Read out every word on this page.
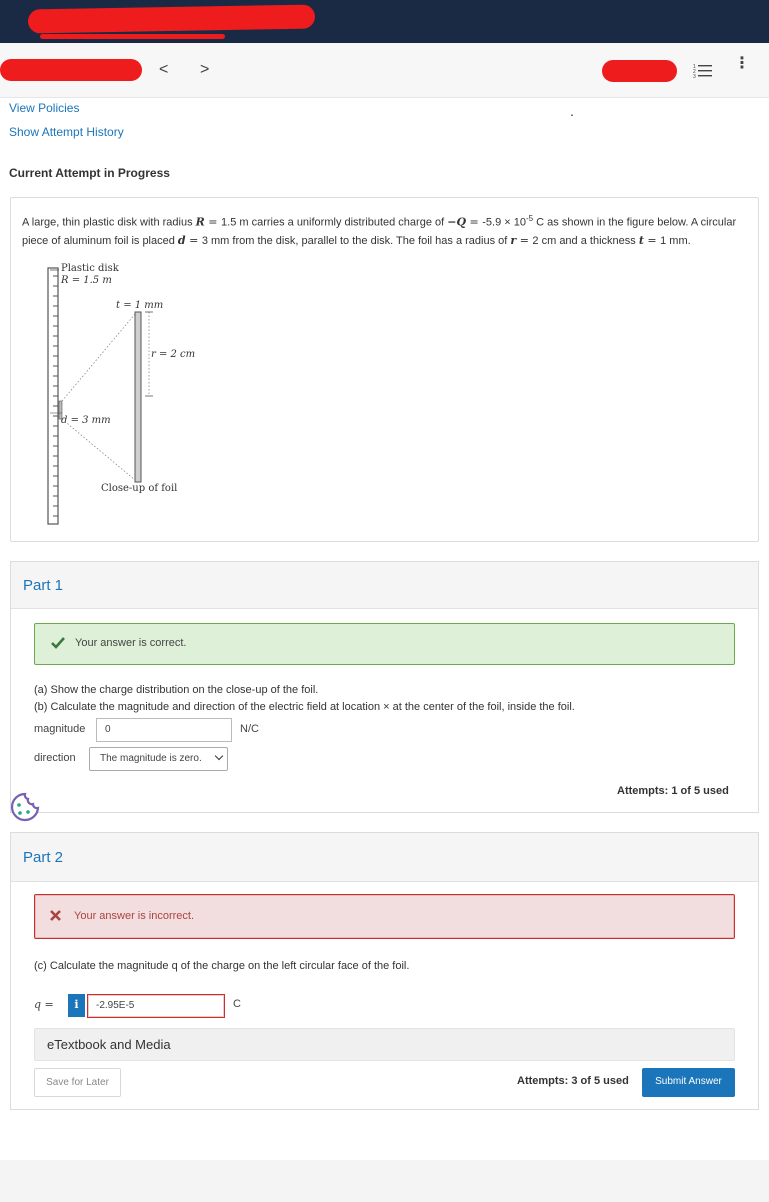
< >	1
2
3
⋮
View Policies
Show Attempt History
.
Current Attempt in Progress
A large, thin plastic disk with radius R = 1.5 m carries a uniformly distributed charge of $-Q = -5.9 \times 10^{-5}$ C as shown in the figure below. A circular piece of aluminum foil is placed d = 3 mm from the disk, parallel to the disk. The foil has a radius of r = 2 cm and a thickness t = 1 mm.
Plastic disk
R = 1.5 m
d = 3 mm
t = 1 mm
r = 2 cm
Close-up of foil
Part 1
Your answer is correct.
(a) Show the charge distribution on the close-up of the foil.
(b) Calculate the magnitude and direction of the electric field at location × at the center of the foil, inside the foil.
magnitude	0	N/C
direction	The magnitude is zero.
Attempts: 1 of 5 used
Part 2
Your answer is incorrect.
(c) Calculate the magnitude q of the charge on the left circular face of the foil.
q =	i	-2.95E-5	C
eTextbook and Media
Save for Later	Attempts: 3 of 5 used	Submit Answer
